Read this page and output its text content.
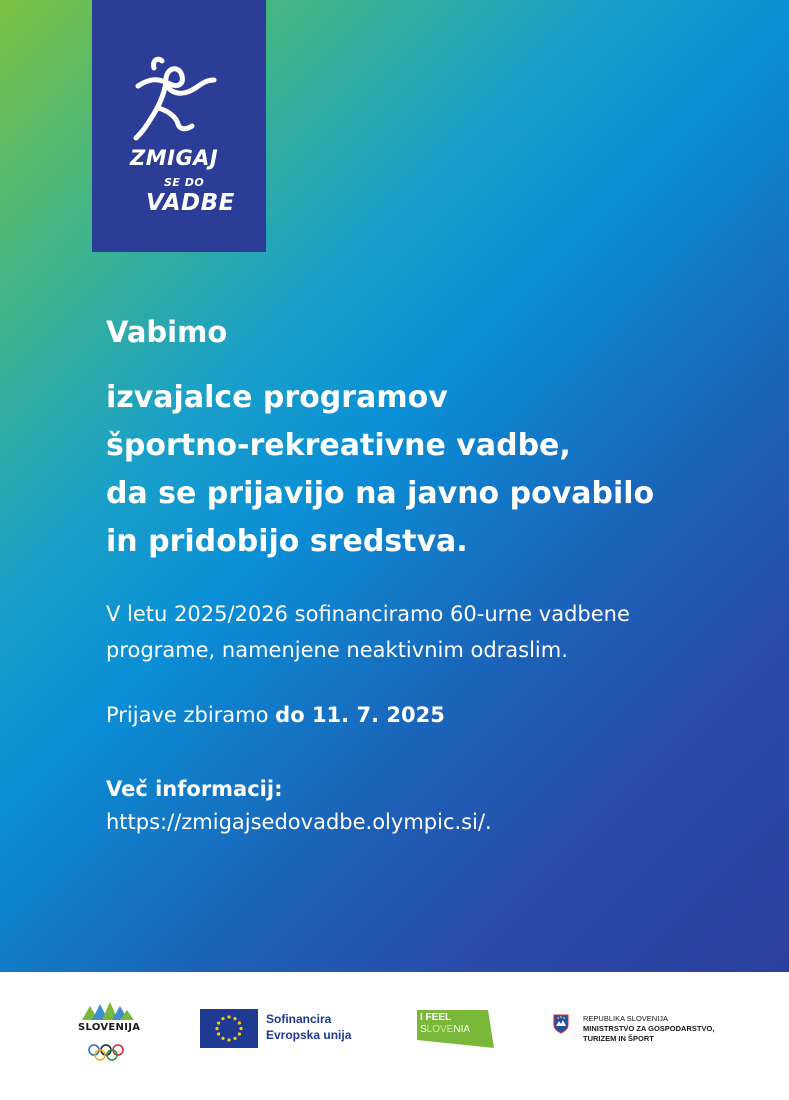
ZMIGAJ
SE DO
VADBE
Vabimo
izvajalce programov
športno-rekreativne vadbe,
da se prijavijo na javno povabilo
in pridobijo sredstva.
V letu 2025/2026 sofinanciramo 60-urne vadbene
programe, namenjene neaktivnim odraslim.
Prijave zbiramo do 11. 7. 2025
Več informacij:
https://zmigajsedovadbe.olympic.si/.
SLOVENIJA
Sofinancira
Evropska unija
I FEEL
SLOVENIA
REPUBLIKA SLOVENIJA
MINISTRSTVO ZA GOSPODARSTVO,
TURIZEM IN ŠPORT
